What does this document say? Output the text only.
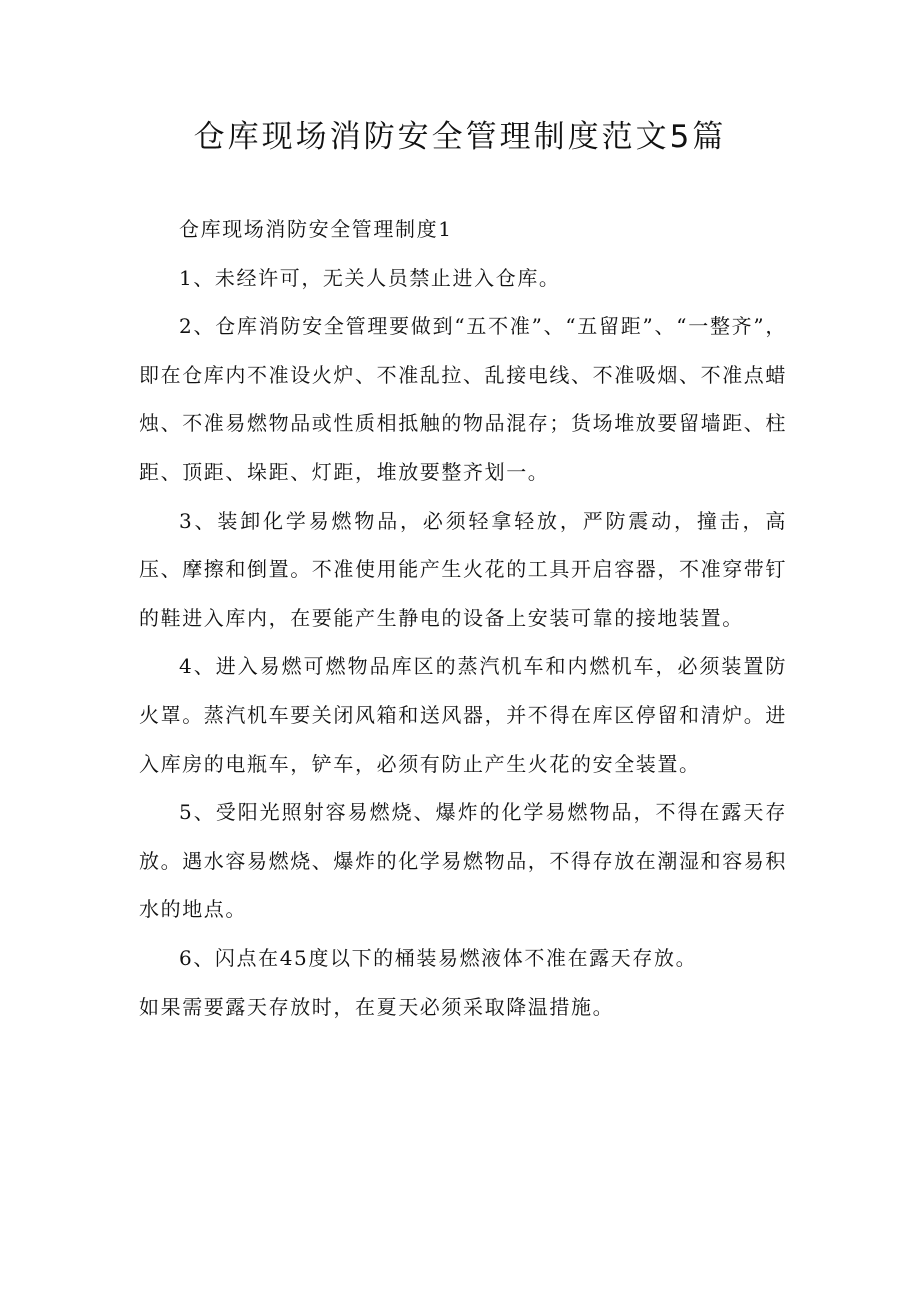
仓库现场消防安全管理制度范文5篇

仓库现场消防安全管理制度1

1、未经许可，无关人员禁止进入仓库。

2、仓库消防安全管理要做到“五不准”、“五留距”、“一整齐”，即在仓库内不准设火炉、不准乱拉、乱接电线、不准吸烟、不准点蜡烛、不准易燃物品或性质相抵触的物品混存；货场堆放要留墙距、柱距、顶距、垛距、灯距，堆放要整齐划一。

3、装卸化学易燃物品，必须轻拿轻放，严防震动，撞击，高压、摩擦和倒置。不准使用能产生火花的工具开启容器，不准穿带钉的鞋进入库内，在要能产生静电的设备上安装可靠的接地装置。

4、进入易燃可燃物品库区的蒸汽机车和内燃机车，必须装置防火罩。蒸汽机车要关闭风箱和送风器，并不得在库区停留和清炉。进入库房的电瓶车，铲车，必须有防止产生火花的安全装置。

5、受阳光照射容易燃烧、爆炸的化学易燃物品，不得在露天存放。遇水容易燃烧、爆炸的化学易燃物品，不得存放在潮湿和容易积水的地点。

6、闪点在45度以下的桶装易燃液体不准在露天存放。

如果需要露天存放时，在夏天必须采取降温措施。
